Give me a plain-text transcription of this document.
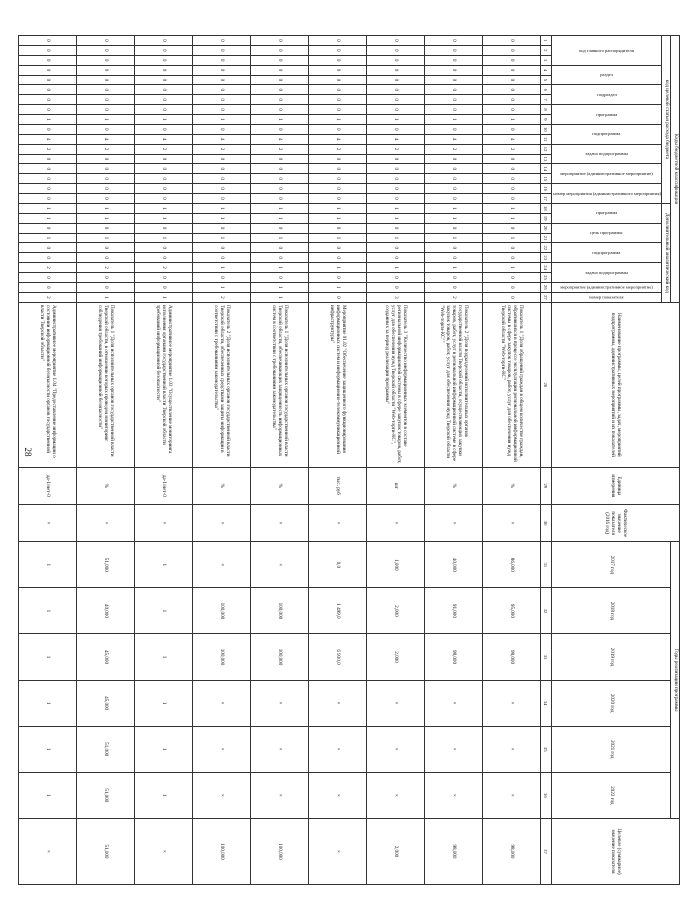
28
Коды бюджетной классификации																											Наименование программы, целей программы, задач, мероприятий подпрограммы, административных мероприятий и их показателей	Единица измерения	Фактическое значение показателя (2016 год)	Годы реализации программы						Целевое (суммарное) значение показателя
код целевой статьи расхода бюджета																	Дополнительный аналитический код													2017 год	2018 год	2019 год	2020 год	2021 год	2022 год	
код главного распорядителя			раздел		подраздел		программа		подпрограмма		задача подпрограммы		мероприятие (административное мероприятие)		номер мероприятия (административного мероприятия)		программа		цель программы		подпрограмма		задача подпрограммы		мероприятие (административное мероприятие)	номер показателя										
1	2	3	4	5	6	7	8	9	10	11	12	13	14	15	16	17	18	19	20	21	22	23	24	25	26	27	28	29	30	31	32	33	34	35	36	37
0	0	0	0	0	0	0	0	1	0	4	2	0	0	0	0	0	1	1	0	1	0	0	1	0	0	0	Показатель 1 "Доля обращений граждан в общем количестве граждан, обратившихся в процессе эксплуатации региональной информационной системы в сфере закупок товаров, работ, услуг для обеспечения нужд Тверской области "Web-торги-КС"	%	×	86,000	95,000	98,000	×	×	×	98,000
0	0	0	0	0	0	0	0	1	0	4	2	0	0	0	0	0	1	1	0	1	0	0	1	0	0	2	Показатель 2 "Доля подразделений исполнительных органов государственной власти Тверской области, осуществляющих закупки товаров, работ, услуг в региональной информационной системе в сфере закупок товаров, работ, услуг для обеспечения нужд Тверской области "Web-торги-КС""	%	×	40,000	91,000	98,000	×	×	×	98,000
0	0	0	0	0	0	0	0	1	0	4	2	0	0	0	0	0	1	1	0	1	0	0	1	0	0	3	Показатель 3 "Количество информационных элементов в составе региональной информационной системы в сфере закупок товаров, работ, услуг для обеспечения нужд Тверской области "Web-торги-КС", созданных за период реализации программы"	шт	×	1,000	2,000	2,000	×	×	×	2,000
0	0	0	0	0	0	0	0	1	0	4	2	0	0	0	0	0	1	1	0	1	0	0	1	0	1	0	Мероприятие 01.02 "Обеспечение защищенного функционирования информационных систем и информационно-телекоммуникационной инфраструктуры"	тыс. руб	×	0,0	1 499,0	6 930,0	×	×	×	×
0	0	0	0	0	0	0	0	1	0	4	2	0	0	0	0	0	1	1	0	1	0	0	1	0	1	1	Показатель 1 "Доля исполнительных органов государственной власти Тверской области, обеспечивающих защищенность информационных систем в соответствии с требованиями законодательства"	%	×	×	100,000	100,000	×	×	×	100,000
0	0	0	0	0	0	0	0	1	0	4	2	0	0	0	0	0	1	1	0	1	0	0	1	0	1	2	Показатель 2 "Доля исполнительных органов государственной власти Тверской области, обеспеченных средствами защиты информации в соответствии с требованиями законодательства"	%	×	×	100,000	100,000	×	×	×	100,000
0	0	0	0	0	0	0	0	1	0	4	2	0	0	0	0	0	1	1	0	1	0	0	2	0	0	1	Административное мероприятие 1.03 "Осуществление мониторинга исполнения органами государственной власти Тверской области требований информационной безопасности"	да-1/нет-0	×	1	1	1	1	1	1	×
0	0	0	0	0	0	0	0	1	0	4	2	0	0	0	0	0	1	1	0	1	0	0	2	0	0	1	Показатель 1 "Доля исполнительных органов государственной власти Тверской области, в отношении которых проведен мониторинг соблюдения требований информационной безопасности"	%	×	51,000	40,000	45,000	45,000	51,000	51,000	51,000
0	0	0	0	0	0	0	0	1	0	4	2	0	0	0	0	0	1	1	0	1	0	0	2	0	0	2	Административное мероприятие 1.04 "Предоставление информации о состоянии информационной безопасности органов государственной власти Тверской области"	да-1/нет-0	×	1	1	1	1	1	1	×
